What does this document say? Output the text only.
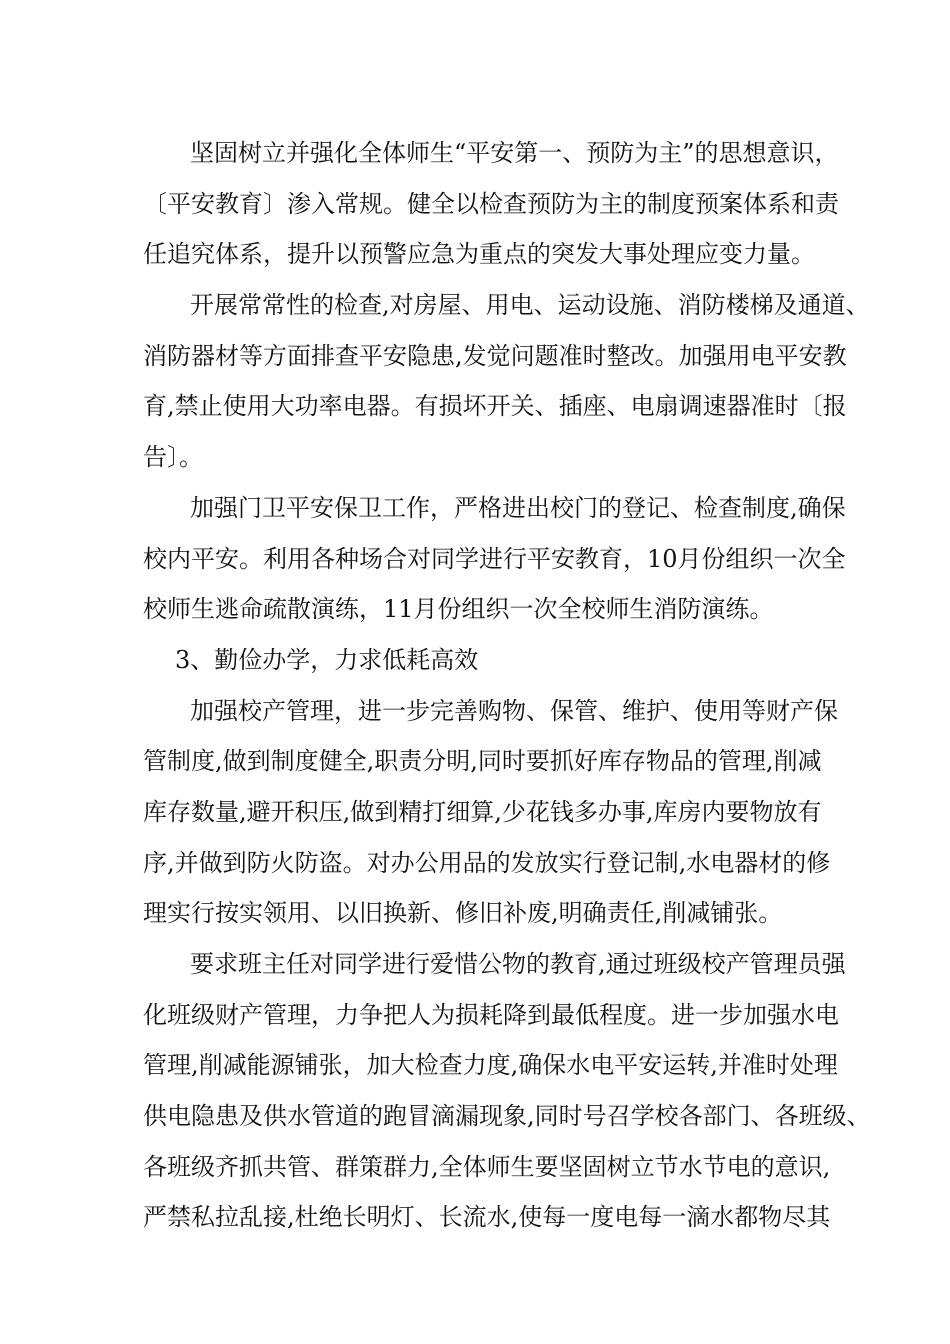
坚固树立并强化全体师生“平安第一、预防为主”的思想意识，
〔平安教育〕渗入常规。健全以检查预防为主的制度预案体系和责
任追究体系，提升以预警应急为重点的突发大事处理应变力量。
开展常常性的检查,对房屋、用电、运动设施、消防楼梯及通道、
消防器材等方面排查平安隐患,发觉问题准时整改。加强用电平安教
育,禁止使用大功率电器。有损坏开关、插座、电扇调速器准时〔报
告〕。
加强门卫平安保卫工作，严格进出校门的登记、检查制度,确保
校内平安。利用各种场合对同学进行平安教育，10月份组织一次全
校师生逃命疏散演练，11月份组织一次全校师生消防演练。
3、勤俭办学，力求低耗高效
加强校产管理，进一步完善购物、保管、维护、使用等财产保
管制度,做到制度健全,职责分明,同时要抓好库存物品的管理,削减
库存数量,避开积压,做到精打细算,少花钱多办事,库房内要物放有
序,并做到防火防盗。对办公用品的发放实行登记制,水电器材的修
理实行按实领用、以旧换新、修旧补废,明确责任,削减铺张。
要求班主任对同学进行爱惜公物的教育,通过班级校产管理员强
化班级财产管理，力争把人为损耗降到最低程度。进一步加强水电
管理,削减能源铺张，加大检查力度,确保水电平安运转,并准时处理
供电隐患及供水管道的跑冒滴漏现象,同时号召学校各部门、各班级、
各班级齐抓共管、群策群力,全体师生要坚固树立节水节电的意识,
严禁私拉乱接,杜绝长明灯、长流水,使每一度电每一滴水都物尽其
